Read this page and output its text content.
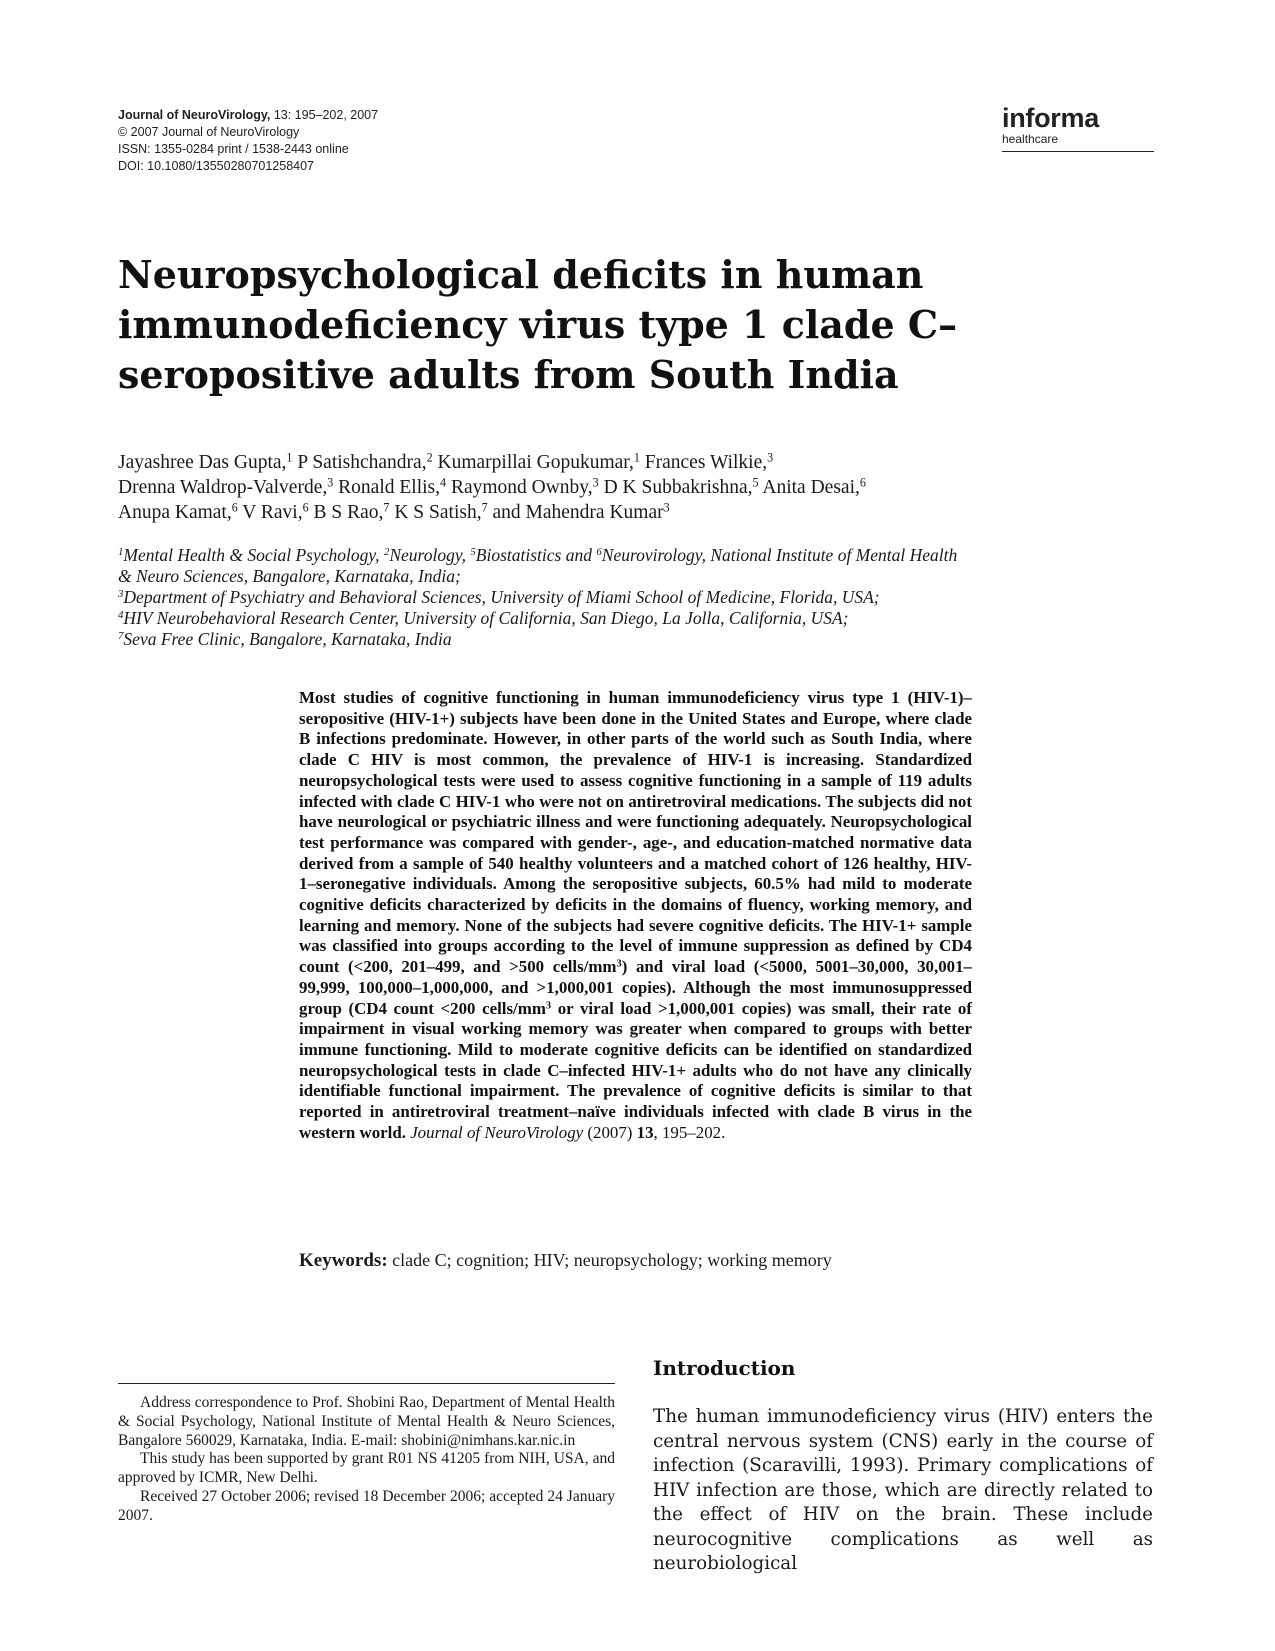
Journal of NeuroVirology, 13: 195–202, 2007
© 2007 Journal of NeuroVirology
ISSN: 1355-0284 print / 1538-2443 online
DOI: 10.1080/13550280701258407
informa
healthcare
Neuropsychological deficits in human immunodeficiency virus type 1 clade C–seropositive adults from South India
Jayashree Das Gupta,$^1$ P Satishchandra,$^2$ Kumarpillai Gopukumar,$^1$ Frances Wilkie,$^3$
Drenna Waldrop-Valverde,$^3$ Ronald Ellis,$^4$ Raymond Ownby,$^3$ D K Subbakrishna,$^5$ Anita Desai,$^6$
Anupa Kamat,$^6$ V Ravi,$^6$ B S Rao,$^7$ K S Satish,$^7$ and Mahendra Kumar$^3$
$^1$Mental Health & Social Psychology, $^2$Neurology, $^5$Biostatistics and $^6$Neurovirology, National Institute of Mental Health
& Neuro Sciences, Bangalore, Karnataka, India;
$^3$Department of Psychiatry and Behavioral Sciences, University of Miami School of Medicine, Florida, USA;
$^4$HIV Neurobehavioral Research Center, University of California, San Diego, La Jolla, California, USA;
$^7$Seva Free Clinic, Bangalore, Karnataka, India

Most studies of cognitive functioning in human immunodeficiency virus type 1 (HIV-1)–seropositive (HIV-1+) subjects have been done in the United States and Europe, where clade B infections predominate. However, in other parts of the world such as South India, where clade C HIV is most common, the prevalence of HIV-1 is increasing. Standardized neuropsychological tests were used to assess cognitive functioning in a sample of 119 adults infected with clade C HIV-1 who were not on antiretroviral medications. The subjects did not have neurological or psychiatric illness and were functioning adequately. Neuropsychological test performance was compared with gender-, age-, and education-matched normative data derived from a sample of 540 healthy volunteers and a matched cohort of 126 healthy, HIV-1–seronegative individuals. Among the seropositive subjects, 60.5% had mild to moderate cognitive deficits characterized by deficits in the domains of fluency, working memory, and learning and memory. None of the subjects had severe cognitive deficits. The HIV-1+ sample was classified into groups according to the level of immune suppression as defined by CD4 count (<200, 201–499, and >500 cells/$mm^3$) and viral load (<5000, 5001–30,000, 30,001–99,999, 100,000–1,000,000, and >1,000,001 copies). Although the most immunosuppressed group (CD4 count <200 cells/$mm^3$ or viral load >1,000,001 copies) was small, their rate of impairment in visual working memory was greater when compared to groups with better immune functioning. Mild to moderate cognitive deficits can be identified on standardized neuropsychological tests in clade C–infected HIV-1+ adults who do not have any clinically identifiable functional impairment. The prevalence of cognitive deficits is similar to that reported in antiretroviral treatment–naïve individuals infected with clade B virus in the western world. Journal of NeuroVirology (2007) 13, 195–202.

Keywords: clade C; cognition; HIV; neuropsychology; working memory

Address correspondence to Prof. Shobini Rao, Department of Mental Health & Social Psychology, National Institute of Mental Health & Neuro Sciences, Bangalore 560029, Karnataka, India. E-mail: shobini@nimhans.kar.nic.in

This study has been supported by grant R01 NS 41205 from NIH, USA, and approved by ICMR, New Delhi.

Received 27 October 2006; revised 18 December 2006; accepted 24 January 2007.

Introduction

The human immunodeficiency virus (HIV) enters the central nervous system (CNS) early in the course of infection (Scaravilli, 1993). Primary complications of HIV infection are those, which are directly related to the effect of HIV on the brain. These include neurocognitive complications as well as neurobiological
